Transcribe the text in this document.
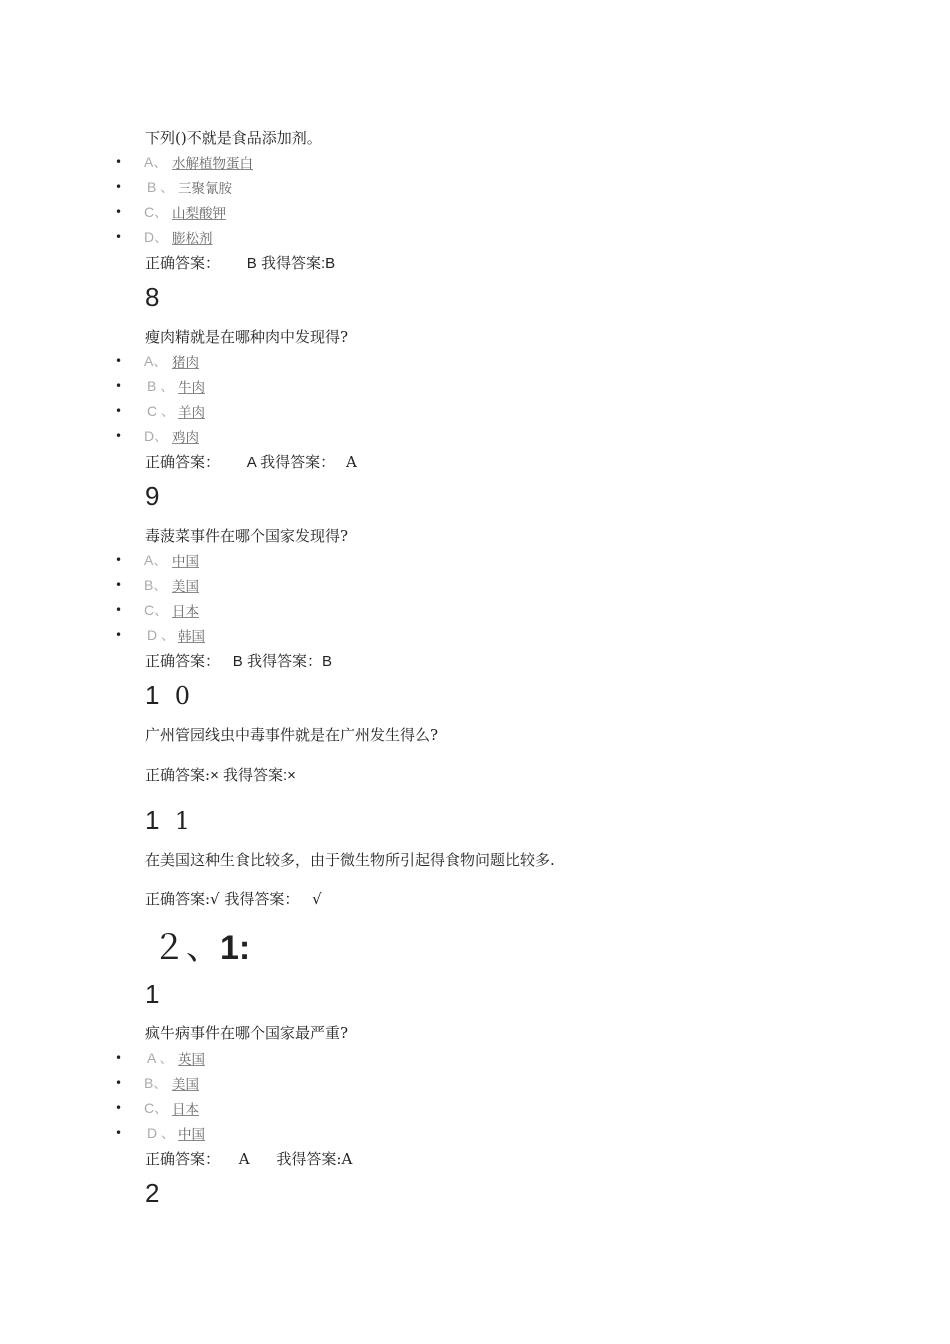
下列()不就是食品添加剂。
• A、 水解植物蛋白
• B 、 三聚氰胺
• C、 山梨酸钾
• D、 膨松剂
正确答案： B 我得答案:B
8
瘦肉精就是在哪种肉中发现得?
• A、 猪肉
• B 、 牛肉
• C 、 羊肉
• D、 鸡肉
正确答案： A 我得答案： A
9
毒菠菜事件在哪个国家发现得?
• A、 中国
• B、 美国
• C、 日本
• D 、 韩国
正确答案： B 我得答案：B
1 0
广州管园线虫中毒事件就是在广州发生得么?
正确答案:× 我得答案:×
1 1
在美国这种生食比较多，由于微生物所引起得食物问题比较多.
正确答案:√ 我得答案： √
２、1:
1
疯牛病事件在哪个国家最严重?
• A 、 英国
• B、 美国
• C、 日本
• D 、 中国
正确答案： A 我得答案:A
2
